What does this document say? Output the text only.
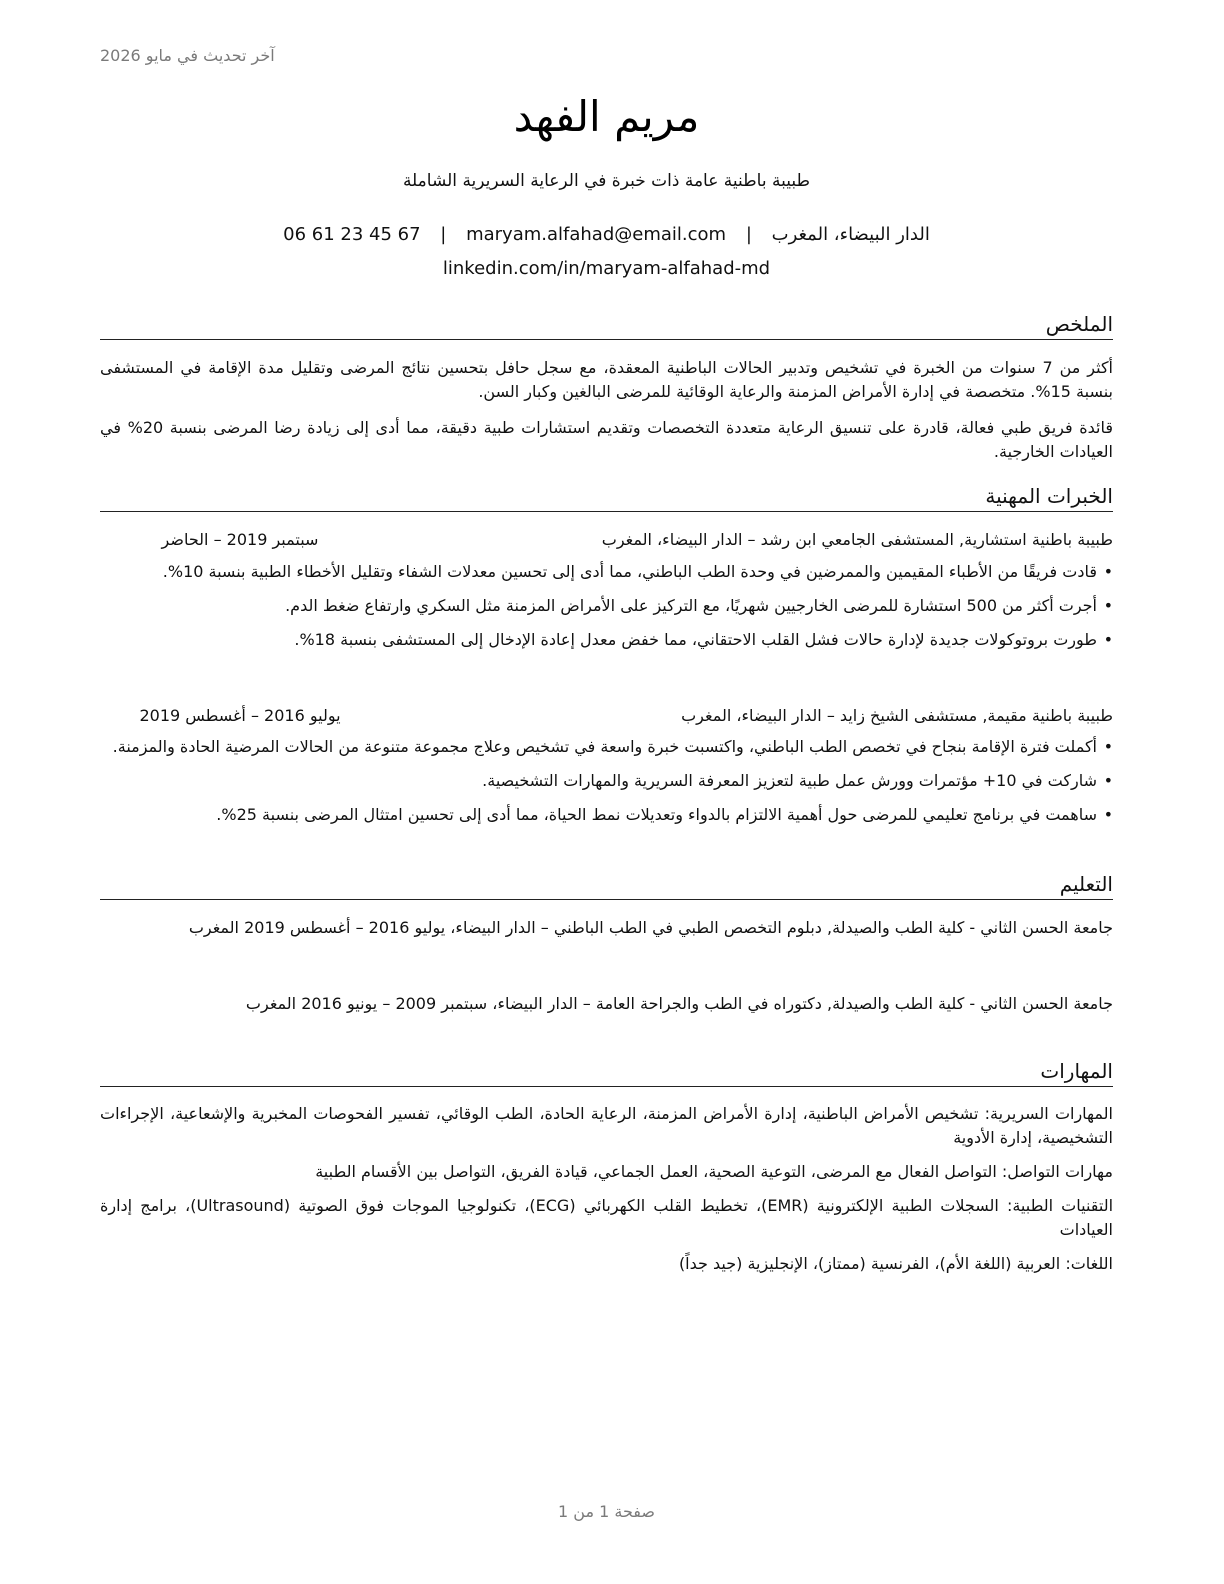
آخر تحديث في مايو 2026
مريم الفهد
طبيبة باطنية عامة ذات خبرة في الرعاية السريرية الشاملة
الدار البيضاء، المغرب | maryam.alfahad@email.com | 06 61 23 45 67
linkedin.com/in/maryam-alfahad-md
الملخص
أكثر من 7 سنوات من الخبرة في تشخيص وتدبير الحالات الباطنية المعقدة، مع سجل حافل بتحسين نتائج المرضى وتقليل مدة الإقامة في المستشفى بنسبة 15%. متخصصة في إدارة الأمراض المزمنة والرعاية الوقائية للمرضى البالغين وكبار السن.
قائدة فريق طبي فعالة، قادرة على تنسيق الرعاية متعددة التخصصات وتقديم استشارات طبية دقيقة، مما أدى إلى زيادة رضا المرضى بنسبة 20% في العيادات الخارجية.
الخبرات المهنية
طبيبة باطنية استشارية, المستشفى الجامعي ابن رشد – الدار البيضاء، المغرب
سبتمبر 2019 – الحاضر
• قادت فريقًا من الأطباء المقيمين والممرضين في وحدة الطب الباطني، مما أدى إلى تحسين معدلات الشفاء وتقليل الأخطاء الطبية بنسبة 10%.
• أجرت أكثر من 500 استشارة للمرضى الخارجيين شهريًا، مع التركيز على الأمراض المزمنة مثل السكري وارتفاع ضغط الدم.
• طورت بروتوكولات جديدة لإدارة حالات فشل القلب الاحتقاني، مما خفض معدل إعادة الإدخال إلى المستشفى بنسبة 18%.
طبيبة باطنية مقيمة, مستشفى الشيخ زايد – الدار البيضاء، المغرب
يوليو 2016 – أغسطس 2019
• أكملت فترة الإقامة بنجاح في تخصص الطب الباطني، واكتسبت خبرة واسعة في تشخيص وعلاج مجموعة متنوعة من الحالات المرضية الحادة والمزمنة.
• شاركت في 10+ مؤتمرات وورش عمل طبية لتعزيز المعرفة السريرية والمهارات التشخيصية.
• ساهمت في برنامج تعليمي للمرضى حول أهمية الالتزام بالدواء وتعديلات نمط الحياة، مما أدى إلى تحسين امتثال المرضى بنسبة 25%.
التعليم
جامعة الحسن الثاني - كلية الطب والصيدلة, دبلوم التخصص الطبي في الطب الباطني – الدار البيضاء، يوليو 2016 – أغسطس 2019 المغرب
جامعة الحسن الثاني - كلية الطب والصيدلة, دكتوراه في الطب والجراحة العامة – الدار البيضاء، سبتمبر 2009 – يونيو 2016 المغرب
المهارات
المهارات السريرية: تشخيص الأمراض الباطنية، إدارة الأمراض المزمنة، الرعاية الحادة، الطب الوقائي، تفسير الفحوصات المخبرية والإشعاعية، الإجراءات التشخيصية، إدارة الأدوية
مهارات التواصل: التواصل الفعال مع المرضى، التوعية الصحية، العمل الجماعي، قيادة الفريق، التواصل بين الأقسام الطبية
التقنيات الطبية: السجلات الطبية الإلكترونية (EMR)، تخطيط القلب الكهربائي (ECG)، تكنولوجيا الموجات فوق الصوتية (Ultrasound)، برامج إدارة العيادات
اللغات: العربية (اللغة الأم)، الفرنسية (ممتاز)، الإنجليزية (جيد جداً)
صفحة 1 من 1
